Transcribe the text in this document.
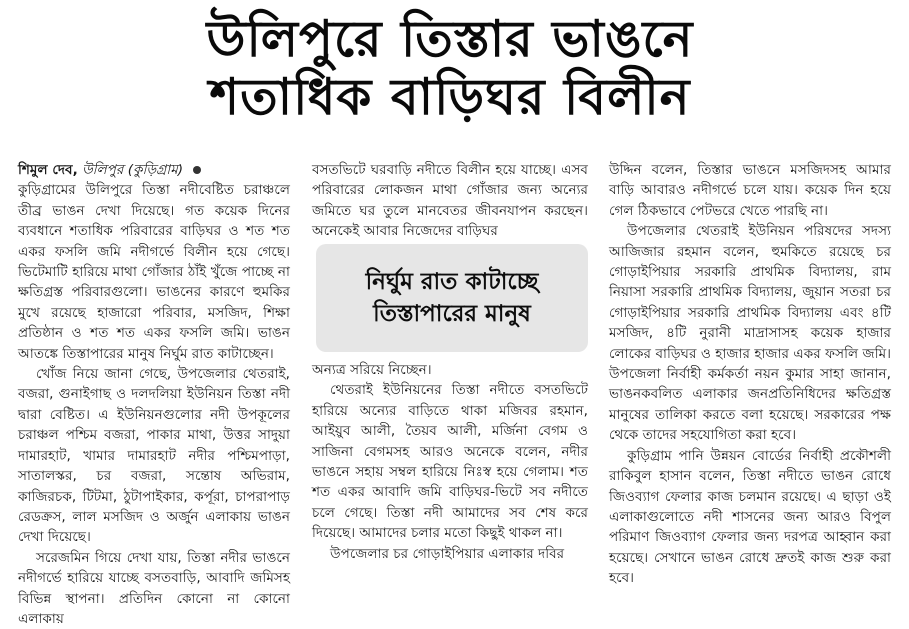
উলিপুরে তিস্তার ভাঙনে
শতাধিক বাড়িঘর বিলীন

শিমুল দেব, উলিপুর (কুড়িগ্রাম)

কুড়িগ্রামের উলিপুরে তিস্তা নদীবেষ্টিত চরাঞ্চলে তীব্র ভাঙন দেখা দিয়েছে। গত কয়েক দিনের ব্যবধানে শতাধিক পরিবারের বাড়িঘর ও শত শত একর ফসলি জমি নদীগর্ভে বিলীন হয়ে গেছে। ভিটেমাটি হারিয়ে মাথা গোঁজার ঠাঁই খুঁজে পাচ্ছে না ক্ষতিগ্রস্ত পরিবারগুলো। ভাঙনের কারণে হুমকির মুখে রয়েছে হাজারো পরিবার, মসজিদ, শিক্ষা প্রতিষ্ঠান ও শত শত একর ফসলি জমি। ভাঙন আতঙ্কে তিস্তাপারের মানুষ নির্ঘুম রাত কাটাচ্ছেন।

খোঁজ নিয়ে জানা গেছে, উপজেলার থেতরাই, বজরা, গুনাইগাছ ও দলদলিয়া ইউনিয়ন তিস্তা নদী দ্বারা বেষ্টিত। এ ইউনিয়নগুলোর নদী উপকূলের চরাঞ্চল পশ্চিম বজরা, পাকার মাথা, উত্তর সাদুয়া দামারহাট, খামার দামারহাট নদীর পশ্চিমপাড়া, সাতালস্কর, চর বজরা, সন্তোষ অভিরাম, কাজিরচক, টিটমা, ঠুটাপাইকার, কর্পূরা, চাপরাপাড় রেডক্রস, লাল মসজিদ ও অর্জুন এলাকায় ভাঙন দেখা দিয়েছে।

সরেজমিন গিয়ে দেখা যায়, তিস্তা নদীর ভাঙনে নদীগর্ভে হারিয়ে যাচ্ছে বসতবাড়ি, আবাদি জমিসহ বিভিন্ন স্থাপনা। প্রতিদিন কোনো না কোনো এলাকায়

বসতভিটে ঘরবাড়ি নদীতে বিলীন হয়ে যাচ্ছে। এসব পরিবারের লোকজন মাথা গোঁজার জন্য অন্যের জমিতে ঘর তুলে মানবেতর জীবনযাপন করছেন। অনেকেই আবার নিজেদের বাড়িঘর

নির্ঘুম রাত কাটাচ্ছে
তিস্তাপারের মানুষ

অন্যত্র সরিয়ে নিচ্ছেন।

থেতরাই ইউনিয়নের তিস্তা নদীতে বসতভিটে হারিয়ে অন্যের বাড়িতে থাকা মজিবর রহমান, আইয়ুব আলী, তৈয়ব আলী, মর্জিনা বেগম ও সাজিনা বেগমসহ আরও অনেকে বলেন, নদীর ভাঙনে সহায় সম্বল হারিয়ে নিঃস্ব হয়ে গেলাম। শত শত একর আবাদি জমি বাড়িঘর-ভিটে সব নদীতে চলে গেছে। তিস্তা নদী আমাদের সব শেষ করে দিয়েছে। আমাদের চলার মতো কিছুই থাকল না।

উপজেলার চর গোড়াইপিয়ার এলাকার দবির

উদ্দিন বলেন, তিস্তার ভাঙনে মসজিদসহ আমার বাড়ি আবারও নদীগর্ভে চলে যায়। কয়েক দিন হয়ে গেল ঠিকভাবে পেটভরে খেতে পারছি না।

উপজেলার থেতরাই ইউনিয়ন পরিষদের সদস্য আজিজার রহমান বলেন, হুমকিতে রয়েছে চর গোড়াইপিয়ার সরকারি প্রাথমিক বিদ্যালয়, রাম নিয়াসা সরকারি প্রাথমিক বিদ্যালয়, জুয়ান সতরা চর গোড়াইপিয়ার সরকারি প্রাথমিক বিদ্যালয় এবং ৪টি মসজিদ, ৪টি নুরানী মাদ্রাসাসহ কয়েক হাজার লোকের বাড়িঘর ও হাজার হাজার একর ফসলি জমি। উপজেলা নির্বাহী কর্মকর্তা নয়ন কুমার সাহা জানান, ভাঙনকবলিত এলাকার জনপ্রতিনিধিদের ক্ষতিগ্রস্ত মানুষের তালিকা করতে বলা হয়েছে। সরকারের পক্ষ থেকে তাদের সহযোগিতা করা হবে।

কুড়িগ্রাম পানি উন্নয়ন বোর্ডের নির্বাহী প্রকৌশলী রাকিবুল হাসান বলেন, তিস্তা নদীতে ভাঙন রোধে জিওব্যাগ ফেলার কাজ চলমান রয়েছে। এ ছাড়া ওই এলাকাগুলোতে নদী শাসনের জন্য আরও বিপুল পরিমাণ জিওব্যাগ ফেলার জন্য দরপত্র আহ্বান করা হয়েছে। সেখানে ভাঙন রোধে দ্রুতই কাজ শুরু করা হবে।
